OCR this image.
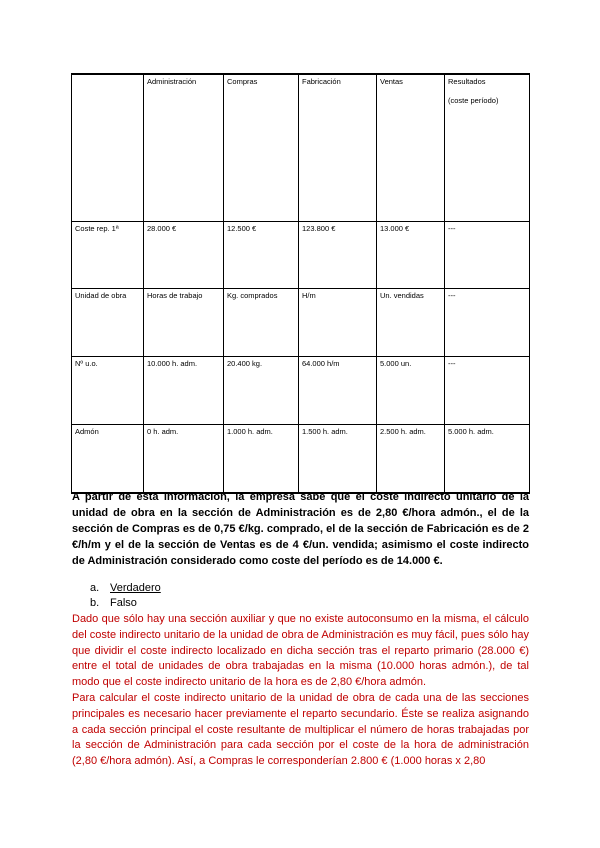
	Administración	Compras	Fabricación	Ventas	Resultados
(coste período)

Coste rep. 1ª	28.000 €	12.500 €	123.800 €	13.000 €	---
Unidad de obra	Horas de trabajo	Kg. comprados	H/m	Un. vendidas	---
Nº u.o.	10.000 h. adm.	20.400 kg.	64.000 h/m	5.000 un.	---
Admón	0 h. adm.	1.000 h. adm.	1.500 h. adm.	2.500 h. adm.	5.000 h. adm.
A partir de esta información, la empresa sabe que el coste indirecto unitario de la unidad de obra en la sección de Administración es de 2,80 €/hora admón., el de la sección de Compras es de 0,75 €/kg. comprado, el de la sección de Fabricación es de 2 €/h/m y el de la sección de Ventas es de 4 €/un. vendida; asimismo el coste indirecto de Administración considerado como coste del período es de 14.000 €.
a. Verdadero
b. Falso

Dado que sólo hay una sección auxiliar y que no existe autoconsumo en la misma, el cálculo del coste indirecto unitario de la unidad de obra de Administración es muy fácil, pues sólo hay que dividir el coste indirecto localizado en dicha sección tras el reparto primario (28.000 €) entre el total de unidades de obra trabajadas en la misma (10.000 horas admón.), de tal modo que el coste indirecto unitario de la hora es de 2,80 €/hora admón.

Para calcular el coste indirecto unitario de la unidad de obra de cada una de las secciones principales es necesario hacer previamente el reparto secundario. Éste se realiza asignando a cada sección principal el coste resultante de multiplicar el número de horas trabajadas por la sección de Administración para cada sección por el coste de la hora de administración (2,80 €/hora admón). Así, a Compras le corresponderían 2.800 € (1.000 horas x 2,80
